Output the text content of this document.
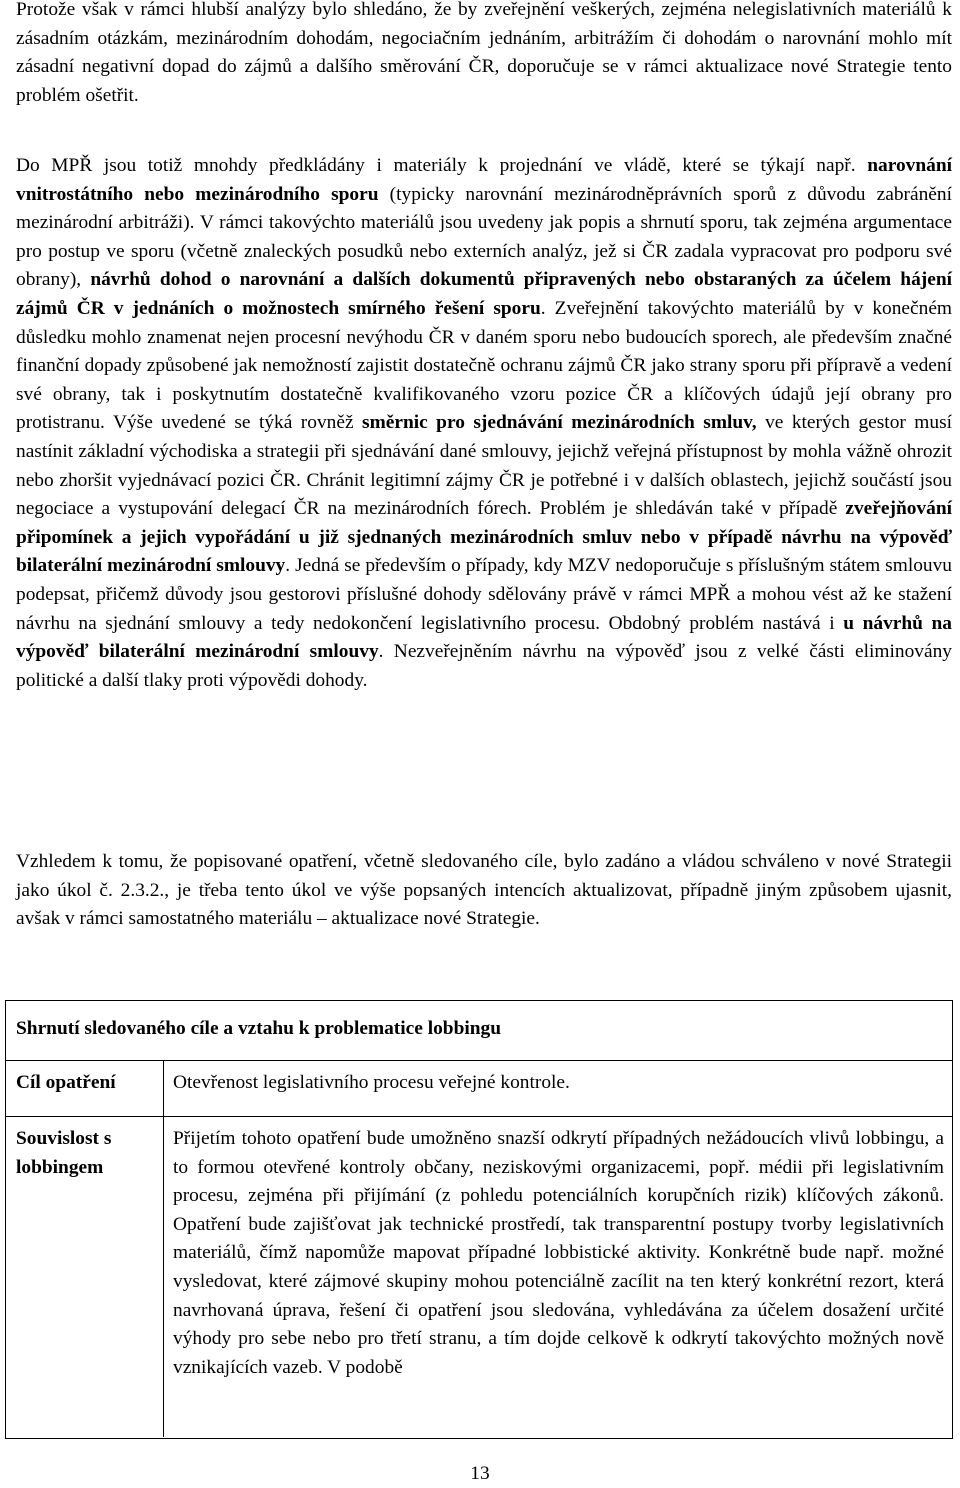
Protože však v rámci hlubší analýzy bylo shledáno, že by zveřejnění veškerých, zejména nelegislativních materiálů k zásadním otázkám, mezinárodním dohodám, negociačním jednáním, arbitrážím či dohodám o narovnání mohlo mít zásadní negativní dopad do zájmů a dalšího směrování ČR, doporučuje se v rámci aktualizace nové Strategie tento problém ošetřit.

Do MPŘ jsou totiž mnohdy předkládány i materiály k projednání ve vládě, které se týkají např. narovnání vnitrostátního nebo mezinárodního sporu (typicky narovnání mezinárodněprávních sporů z důvodu zabránění mezinárodní arbitráži). V rámci takovýchto materiálů jsou uvedeny jak popis a shrnutí sporu, tak zejména argumentace pro postup ve sporu (včetně znaleckých posudků nebo externích analýz, jež si ČR zadala vypracovat pro podporu své obrany), návrhů dohod o narovnání a dalších dokumentů připravených nebo obstaraných za účelem hájení zájmů ČR v jednáních o možnostech smírného řešení sporu. Zveřejnění takovýchto materiálů by v konečném důsledku mohlo znamenat nejen procesní nevýhodu ČR v daném sporu nebo budoucích sporech, ale především značné finanční dopady způsobené jak nemožností zajistit dostatečně ochranu zájmů ČR jako strany sporu při přípravě a vedení své obrany, tak i poskytnutím dostatečně kvalifikovaného vzoru pozice ČR a klíčových údajů její obrany pro protistranu. Výše uvedené se týká rovněž směrnic pro sjednávání mezinárodních smluv, ve kterých gestor musí nastínit základní východiska a strategii při sjednávání dané smlouvy, jejichž veřejná přístupnost by mohla vážně ohrozit nebo zhoršit vyjednávací pozici ČR. Chránit legitimní zájmy ČR je potřebné i v dalších oblastech, jejichž součástí jsou negociace a vystupování delegací ČR na mezinárodních fórech. Problém je shledáván také v případě zveřejňování připomínek a jejich vypořádání u již sjednaných mezinárodních smluv nebo v případě návrhu na výpověď bilaterální mezinárodní smlouvy. Jedná se především o případy, kdy MZV nedoporučuje s příslušným státem smlouvu podepsat, přičemž důvody jsou gestorovi příslušné dohody sdělovány právě v rámci MPŘ a mohou vést až ke stažení návrhu na sjednání smlouvy a tedy nedokončení legislativního procesu. Obdobný problém nastává i u návrhů na výpověď bilaterální mezinárodní smlouvy. Nezveřejněním návrhu na výpověď jsou z velké části eliminovány politické a další tlaky proti výpovědi dohody.

Vzhledem k tomu, že popisované opatření, včetně sledovaného cíle, bylo zadáno a vládou schváleno v nové Strategii jako úkol č. 2.3.2., je třeba tento úkol ve výše popsaných intencích aktualizovat, případně jiným způsobem ujasnit, avšak v rámci samostatného materiálu – aktualizace nové Strategie.

Shrnutí sledovaného cíle a vztahu k problematice lobbingu
Cíl opatření	Otevřenost legislativního procesu veřejné kontrole.
Souvislost s lobbingem
Přijetím tohoto opatření bude umožněno snazší odkrytí případných nežádoucích vlivů lobbingu, a to formou otevřené kontroly občany, neziskovými organizacemi, popř. médii při legislativním procesu, zejména při přijímání (z pohledu potenciálních korupčních rizik) klíčových zákonů. Opatření bude zajišťovat jak technické prostředí, tak transparentní postupy tvorby legislativních materiálů, čímž napomůže mapovat případné lobbistické aktivity. Konkrétně bude např. možné vysledovat, které zájmové skupiny mohou potenciálně zacílit na ten který konkrétní rezort, která navrhovaná úprava, řešení či opatření jsou sledována, vyhledávána za účelem dosažení určité výhody pro sebe nebo pro třetí stranu, a tím dojde celkově k odkrytí takovýchto možných nově vznikajících vazeb. V podobě
13
